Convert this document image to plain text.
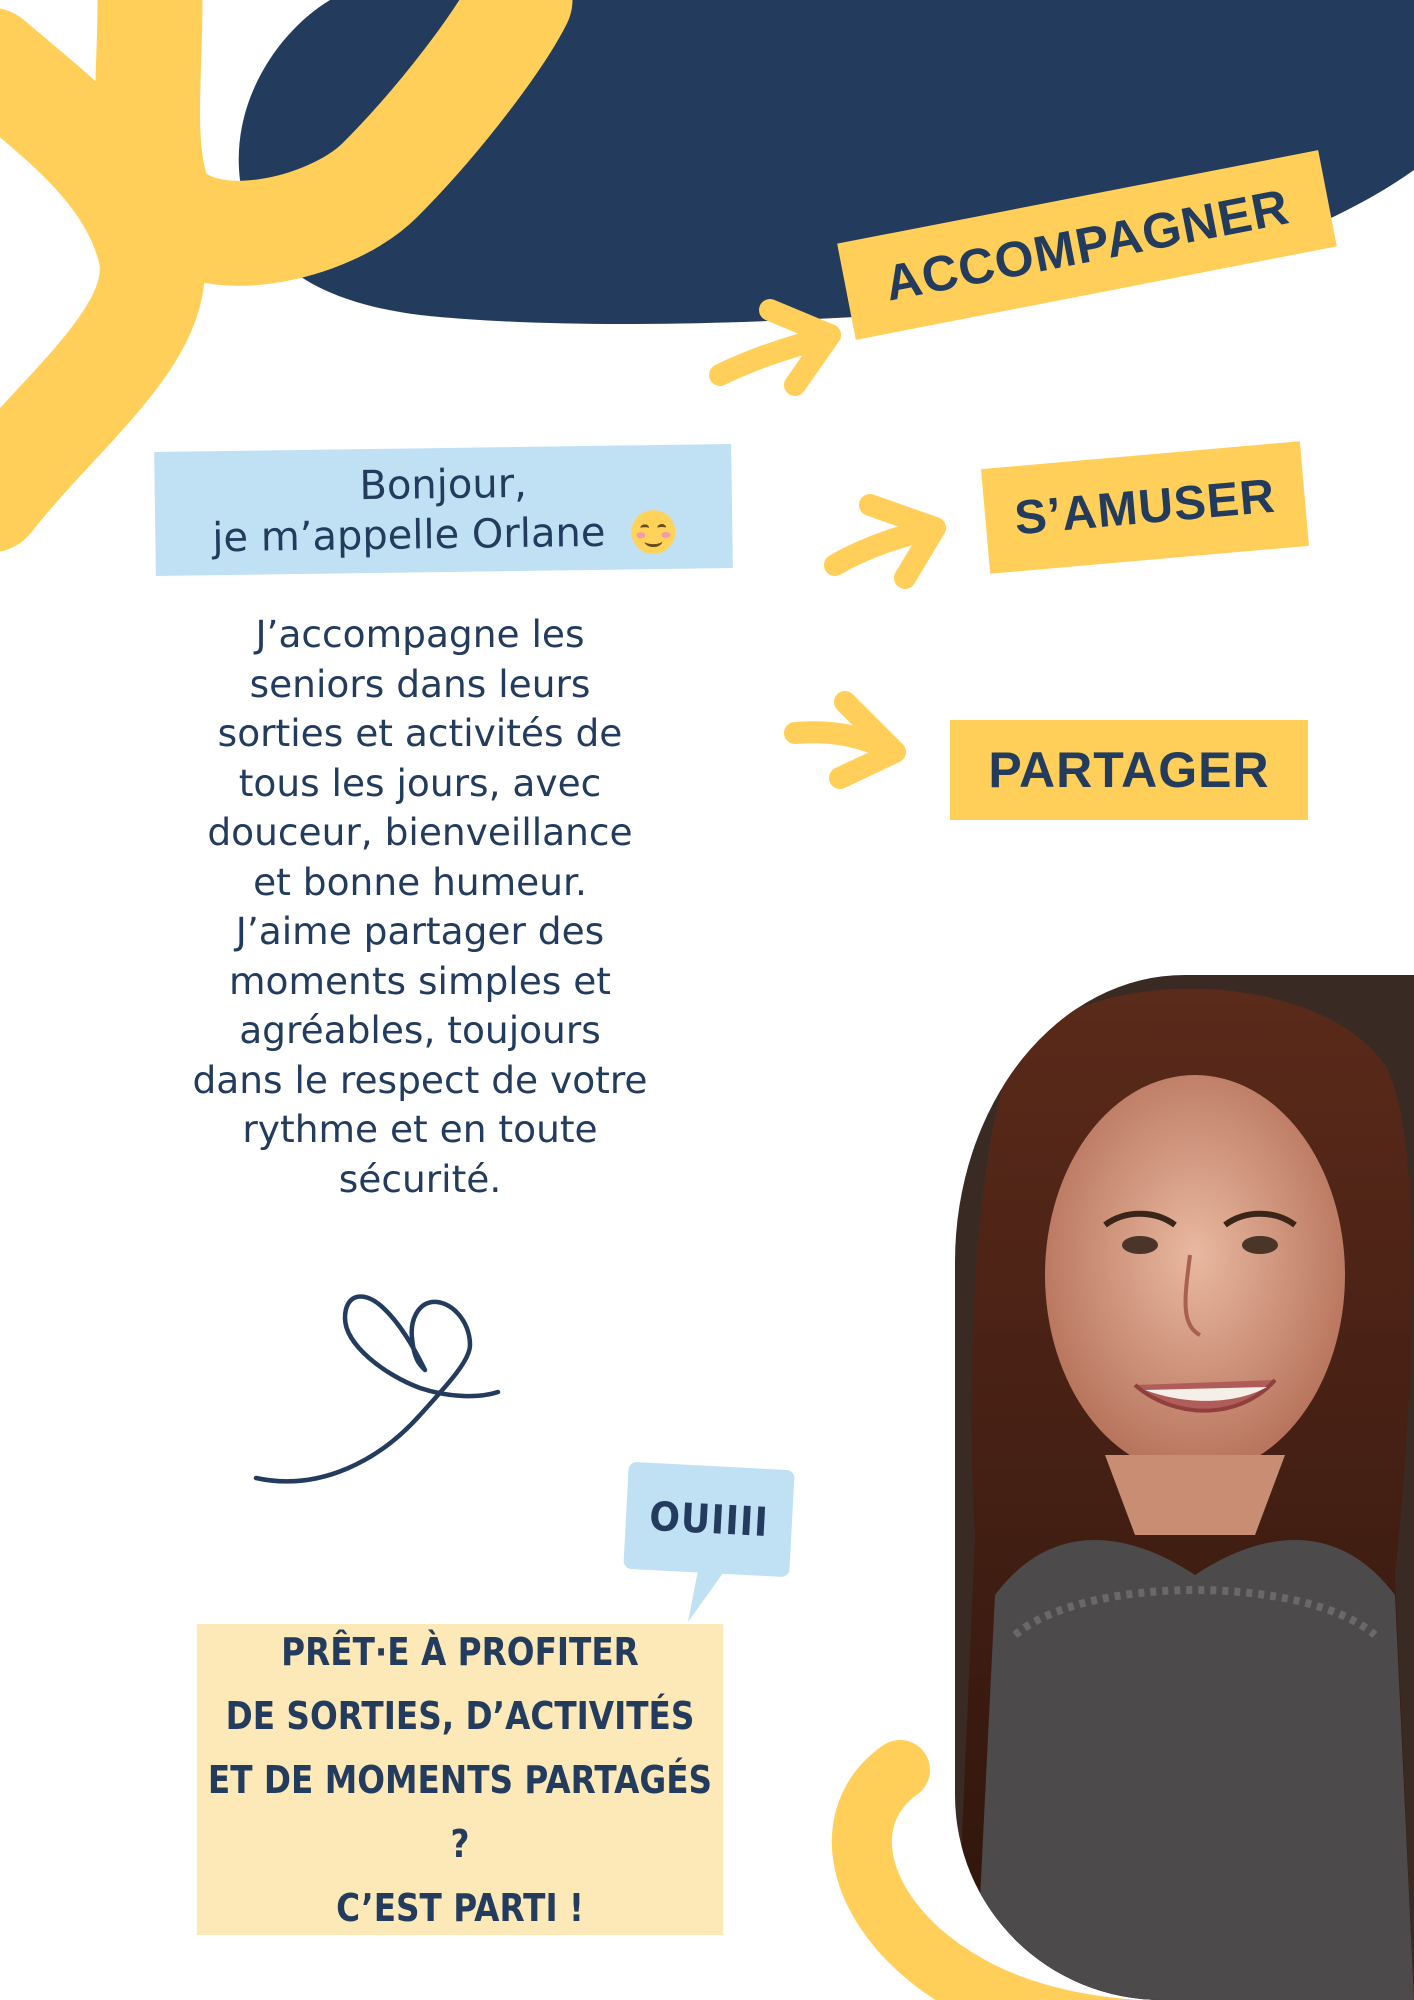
Bonjour,
je m’appelle Orlane
J’accompagne les
seniors dans leurs
sorties et activités de
tous les jours, avec
douceur, bienveillance
et bonne humeur.
J’aime partager des
moments simples et
agréables, toujours
dans le respect de votre
rythme et en toute
sécurité.
ACCOMPAGNER
S’AMUSER
PARTAGER
OUIIII
PRÊT·E À PROFITER
DE SORTIES, D’ACTIVITÉS
ET DE MOMENTS PARTAGÉS ?
C’EST PARTI !
